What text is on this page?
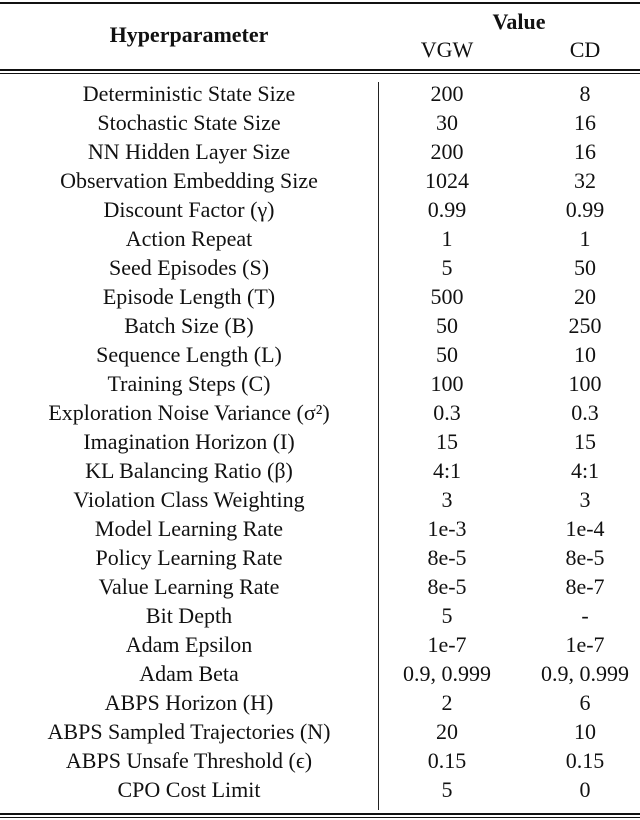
Hyperparameter
Value
VGW	CD
Deterministic State Size	200	8
Stochastic State Size	30	16
NN Hidden Layer Size	200	16
Observation Embedding Size	1024	32
Discount Factor (γ)	0.99	0.99
Action Repeat	1	1
Seed Episodes (S)	5	50
Episode Length (T)	500	20
Batch Size (B)	50	250
Sequence Length (L)	50	10
Training Steps (C)	100	100
Exploration Noise Variance (σ²)	0.3	0.3
Imagination Horizon (I)	15	15
KL Balancing Ratio (β)	4:1	4:1
Violation Class Weighting	3	3
Model Learning Rate	1e-3	1e-4
Policy Learning Rate	8e-5	8e-5
Value Learning Rate	8e-5	8e-7
Bit Depth	5	-
Adam Epsilon	1e-7	1e-7
Adam Beta	0.9, 0.999	0.9, 0.999
ABPS Horizon (H)	2	6
ABPS Sampled Trajectories (N)	20	10
ABPS Unsafe Threshold (ϵ)	0.15	0.15
CPO Cost Limit	5	0
